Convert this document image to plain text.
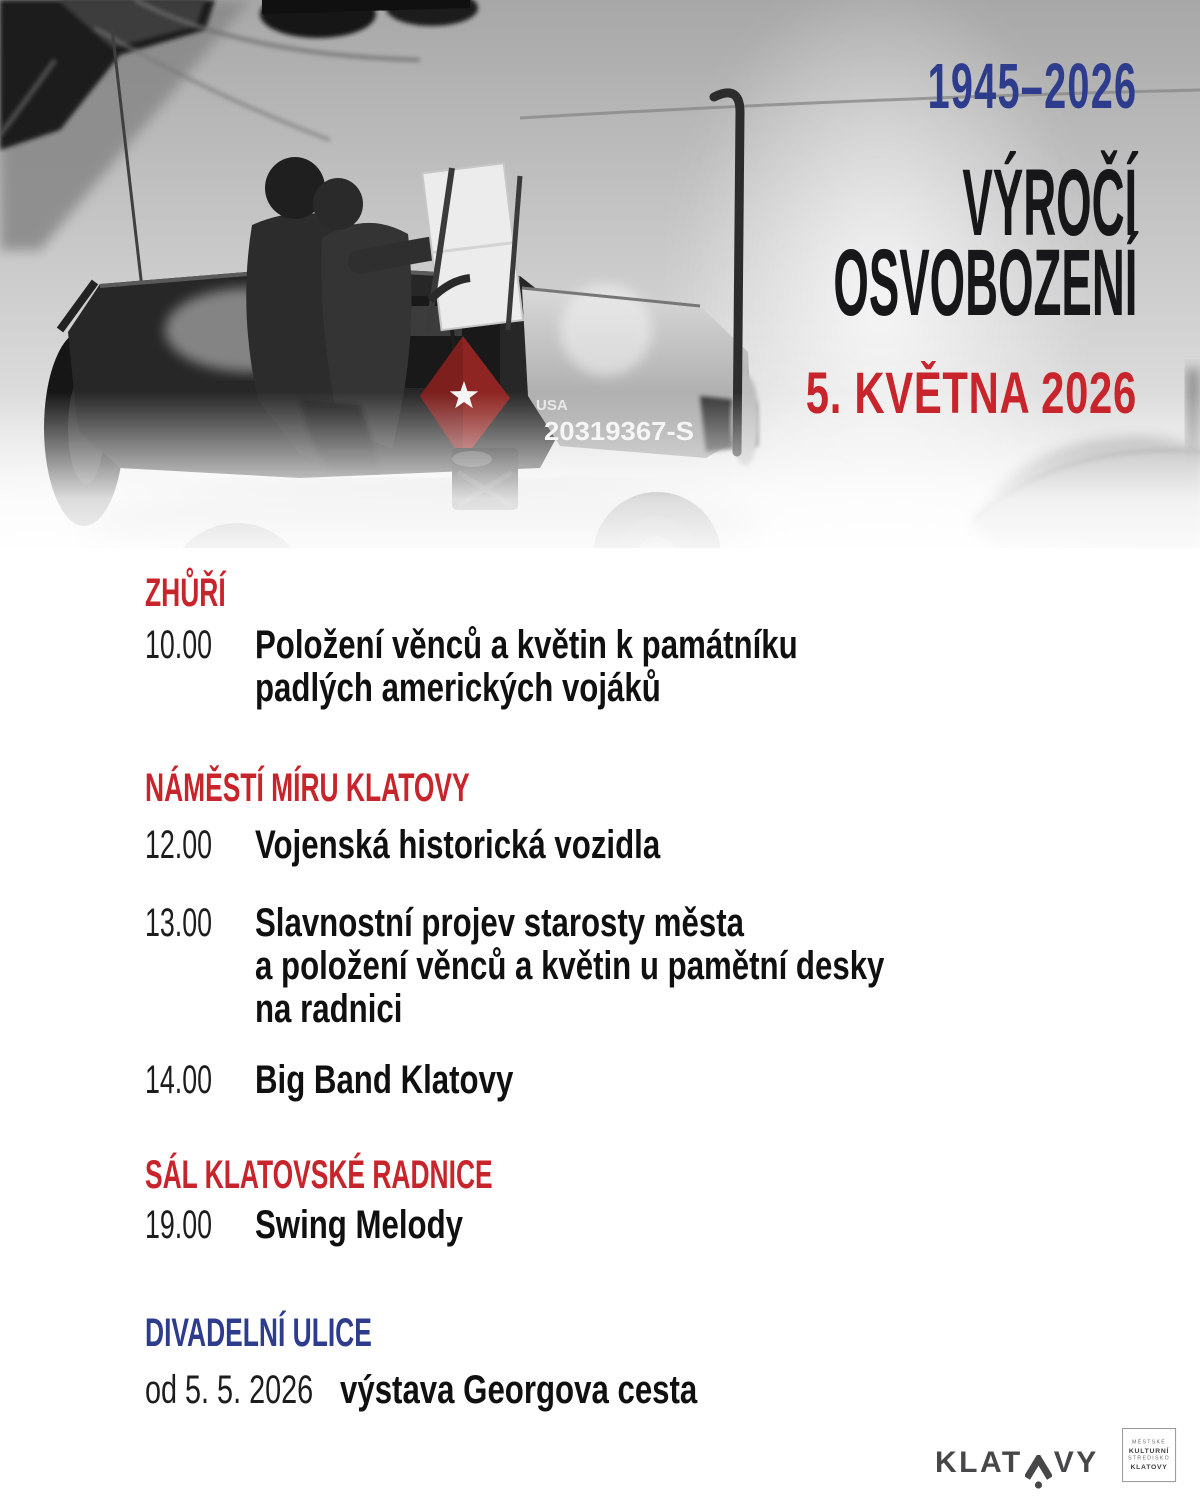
1945–2026
VÝROČÍ
OSVOBOZENÍ
5. KVĚTNA 2026
ZHŮŘÍ
10.00	Položení věnců a květin k památníku
padlých amerických vojáků
NÁMĚSTÍ MÍRU KLATOVY
12.00	Vojenská historická vozidla
13.00	Slavnostní projev starosty města
a položení věnců a květin u pamětní desky
na radnici
14.00	Big Band Klatovy
SÁL KLATOVSKÉ RADNICE
19.00	Swing Melody
DIVADELNÍ ULICE
od 5. 5. 2026 výstava Georgova cesta
KLAT VY
MĚSTSKÉ
KULTURNÍ
STŘEDISKO
KLATOVY
